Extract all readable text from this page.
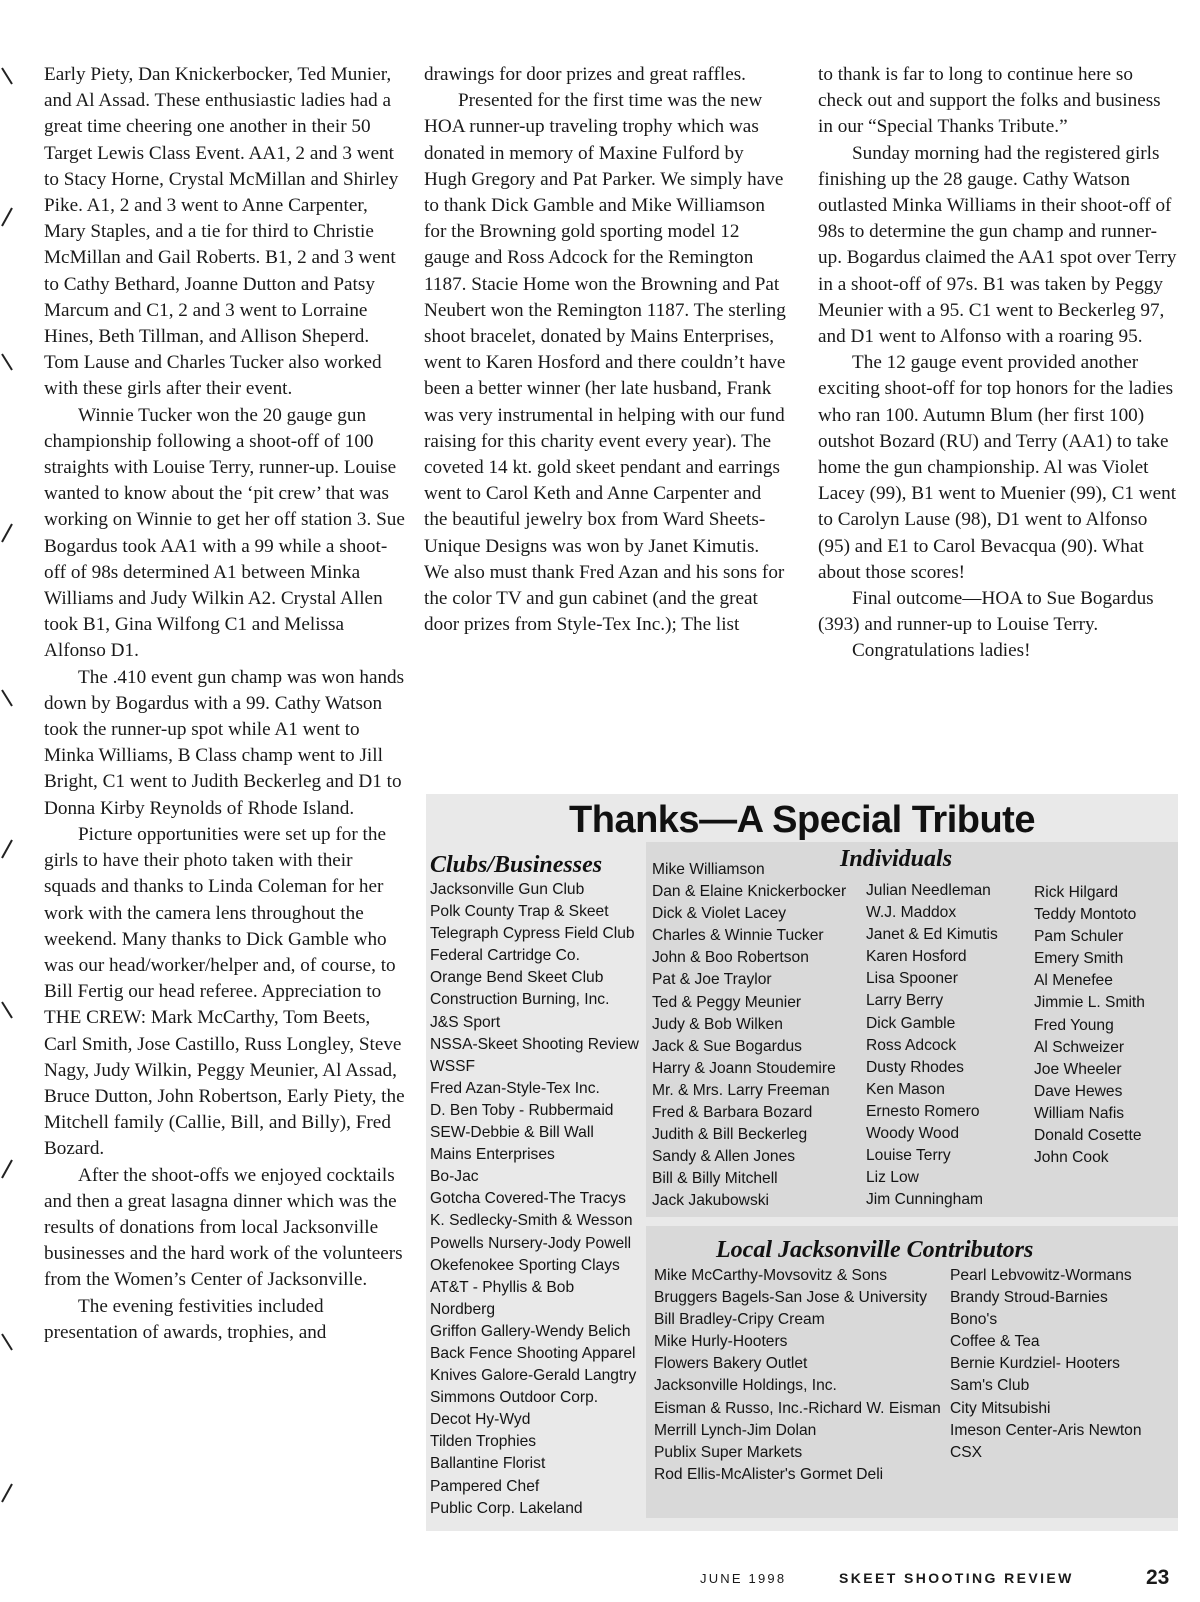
Early Piety, Dan Knickerbocker, Ted Munier, and Al Assad. These enthusiastic ladies had a great time cheering one another in their 50 Target Lewis Class Event. AA1, 2 and 3 went to Stacy Horne, Crystal McMillan and Shirley Pike. A1, 2 and 3 went to Anne Carpenter, Mary Staples, and a tie for third to Christie McMillan and Gail Roberts. B1, 2 and 3 went to Cathy Bethard, Joanne Dutton and Patsy Marcum and C1, 2 and 3 went to Lorraine Hines, Beth Tillman, and Allison Sheperd. Tom Lause and Charles Tucker also worked with these girls after their event.

Winnie Tucker won the 20 gauge gun championship following a shoot-off of 100 straights with Louise Terry, runner-up. Louise wanted to know about the ‘pit crew’ that was working on Winnie to get her off station 3. Sue Bogardus took AA1 with a 99 while a shoot-off of 98s determined A1 between Minka Williams and Judy Wilkin A2. Crystal Allen took B1, Gina Wilfong C1 and Melissa Alfonso D1.

The .410 event gun champ was won hands down by Bogardus with a 99. Cathy Watson took the runner-up spot while A1 went to Minka Williams, B Class champ went to Jill Bright, C1 went to Judith Beckerleg and D1 to Donna Kirby Reynolds of Rhode Island.

Picture opportunities were set up for the girls to have their photo taken with their squads and thanks to Linda Coleman for her work with the camera lens throughout the weekend. Many thanks to Dick Gamble who was our head/worker/helper and, of course, to Bill Fertig our head referee. Appreciation to THE CREW: Mark McCarthy, Tom Beets, Carl Smith, Jose Castillo, Russ Longley, Steve Nagy, Judy Wilkin, Peggy Meunier, Al Assad, Bruce Dutton, John Robertson, Early Piety, the Mitchell family (Callie, Bill, and Billy), Fred Bozard.

After the shoot-offs we enjoyed cocktails and then a great lasagna dinner which was the results of donations from local Jacksonville businesses and the hard work of the volunteers from the Women’s Center of Jacksonville.

The evening festivities included presentation of awards, trophies, and

drawings for door prizes and great raffles.

Presented for the first time was the new HOA runner-up traveling trophy which was donated in memory of Maxine Fulford by Hugh Gregory and Pat Parker. We simply have to thank Dick Gamble and Mike Williamson for the Browning gold sporting model 12 gauge and Ross Adcock for the Remington 1187. Stacie Home won the Browning and Pat Neubert won the Remington 1187. The sterling shoot bracelet, donated by Mains Enterprises, went to Karen Hosford and there couldn’t have been a better winner (her late husband, Frank was very instrumental in helping with our fund raising for this charity event every year). The coveted 14 kt. gold skeet pendant and earrings went to Carol Keth and Anne Carpenter and the beautiful jewelry box from Ward Sheets-Unique Designs was won by Janet Kimutis. We also must thank Fred Azan and his sons for the color TV and gun cabinet (and the great door prizes from Style-Tex Inc.); The list

to thank is far to long to continue here so check out and support the folks and business in our “Special Thanks Tribute.”

Sunday morning had the registered girls finishing up the 28 gauge. Cathy Watson outlasted Minka Williams in their shoot-off of 98s to determine the gun champ and runner-up. Bogardus claimed the AA1 spot over Terry in a shoot-off of 97s. B1 was taken by Peggy Meunier with a 95. C1 went to Beckerleg 97, and D1 went to Alfonso with a roaring 95.

The 12 gauge event provided another exciting shoot-off for top honors for the ladies who ran 100. Autumn Blum (her first 100) outshot Bozard (RU) and Terry (AA1) to take home the gun championship. Al was Violet Lacey (99), B1 went to Muenier (99), C1 went to Carolyn Lause (98), D1 went to Alfonso (95) and E1 to Carol Bevacqua (90). What about those scores!

Final outcome—HOA to Sue Bogardus (393) and runner-up to Louise Terry.

Congratulations ladies!

Thanks—A Special Tribute
Clubs/Businesses
Jacksonville Gun Club
Polk County Trap & Skeet
Telegraph Cypress Field Club
Federal Cartridge Co.
Orange Bend Skeet Club
Construction Burning, Inc.
J&S Sport
NSSA-Skeet Shooting Review
WSSF
Fred Azan-Style-Tex Inc.
D. Ben Toby - Rubbermaid
SEW-Debbie & Bill Wall
Mains Enterprises
Bo-Jac
Gotcha Covered-The Tracys
K. Sedlecky-Smith & Wesson
Powells Nursery-Jody Powell
Okefenokee Sporting Clays
AT&T - Phyllis & Bob
Nordberg
Griffon Gallery-Wendy Belich
Back Fence Shooting Apparel
Knives Galore-Gerald Langtry
Simmons Outdoor Corp.
Decot Hy-Wyd
Tilden Trophies
Ballantine Florist
Pampered Chef
Public Corp. Lakeland
Individuals
Mike Williamson
Dan & Elaine Knickerbocker
Dick & Violet Lacey
Charles & Winnie Tucker
John & Boo Robertson
Pat & Joe Traylor
Ted & Peggy Meunier
Judy & Bob Wilken
Jack & Sue Bogardus
Harry & Joann Stoudemire
Mr. & Mrs. Larry Freeman
Fred & Barbara Bozard
Judith & Bill Beckerleg
Sandy & Allen Jones
Bill & Billy Mitchell
Jack Jakubowski
Julian Needleman
W.J. Maddox
Janet & Ed Kimutis
Karen Hosford
Lisa Spooner
Larry Berry
Dick Gamble
Ross Adcock
Dusty Rhodes
Ken Mason
Ernesto Romero
Woody Wood
Louise Terry
Liz Low
Jim Cunningham
Rick Hilgard
Teddy Montoto
Pam Schuler
Emery Smith
Al Menefee
Jimmie L. Smith
Fred Young
Al Schweizer
Joe Wheeler
Dave Hewes
William Nafis
Donald Cosette
John Cook
Local Jacksonville Contributors
Mike McCarthy-Movsovitz & Sons
Bruggers Bagels-San Jose & University
Bill Bradley-Cripy Cream
Mike Hurly-Hooters
Flowers Bakery Outlet
Jacksonville Holdings, Inc.
Eisman & Russo, Inc.-Richard W. Eisman
Merrill Lynch-Jim Dolan
Publix Super Markets
Rod Ellis-McAlister's Gormet Deli
Pearl Lebvowitz-Wormans
Brandy Stroud-Barnies
Bono's
Coffee & Tea
Bernie Kurdziel- Hooters
Sam's Club
City Mitsubishi
Imeson Center-Aris Newton
CSX
JUNE 1998	SKEET SHOOTING REVIEW	23
